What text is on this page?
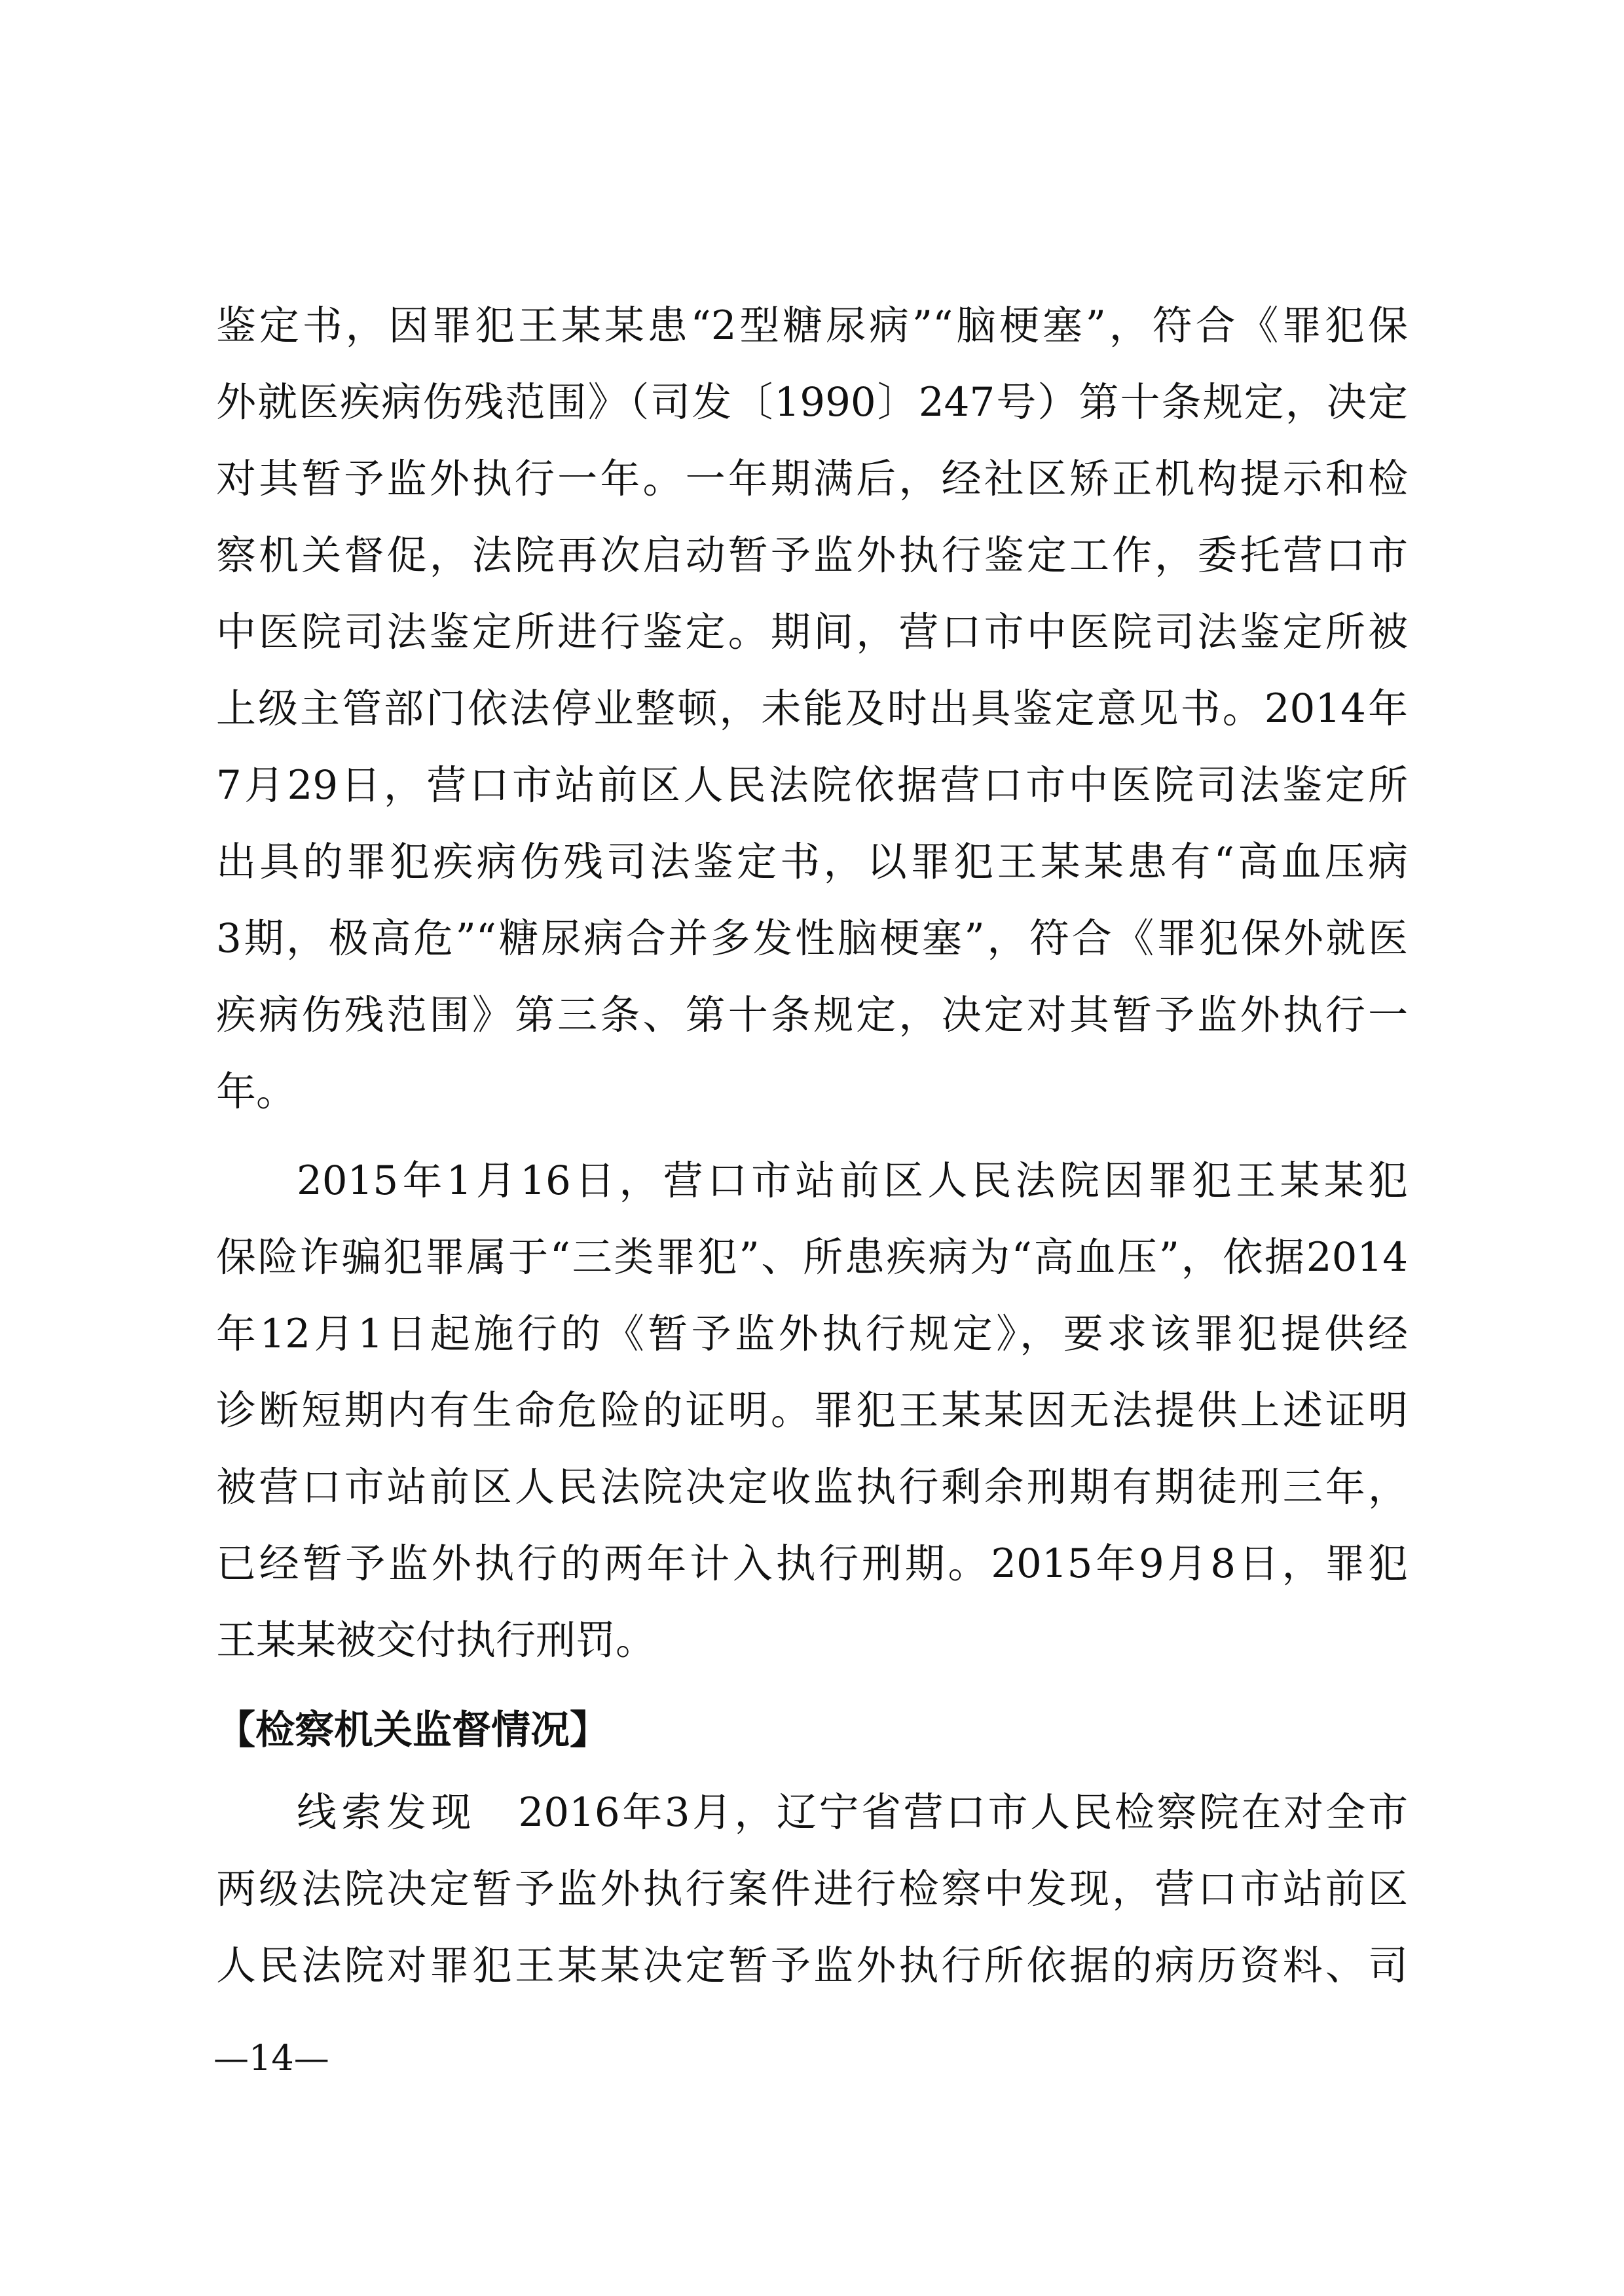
鉴定书，因罪犯王某某患“2型糖尿病”“脑梗塞”，符合《罪犯保
外就医疾病伤残范围》（司发〔1990〕247号）第十条规定，决定
对其暂予监外执行一年。一年期满后，经社区矫正机构提示和检
察机关督促，法院再次启动暂予监外执行鉴定工作，委托营口市
中医院司法鉴定所进行鉴定。期间，营口市中医院司法鉴定所被
上级主管部门依法停业整顿，未能及时出具鉴定意见书。2014年
7月29日，营口市站前区人民法院依据营口市中医院司法鉴定所
出具的罪犯疾病伤残司法鉴定书，以罪犯王某某患有“高血压病
3期，极高危”“糖尿病合并多发性脑梗塞”，符合《罪犯保外就医
疾病伤残范围》第三条、第十条规定，决定对其暂予监外执行一
年。
2015年1月16日，营口市站前区人民法院因罪犯王某某犯
保险诈骗犯罪属于“三类罪犯”、所患疾病为“高血压”，依据2014
年12月1日起施行的《暂予监外执行规定》，要求该罪犯提供经
诊断短期内有生命危险的证明。罪犯王某某因无法提供上述证明
被营口市站前区人民法院决定收监执行剩余刑期有期徒刑三年，
已经暂予监外执行的两年计入执行刑期。2015年9月8日，罪犯
王某某被交付执行刑罚。
【检察机关监督情况】
线索发现　 2016年3月，辽宁省营口市人民检察院在对全市
两级法院决定暂予监外执行案件进行检察中发现，营口市站前区
人民法院对罪犯王某某决定暂予监外执行所依据的病历资料、司
—14—
